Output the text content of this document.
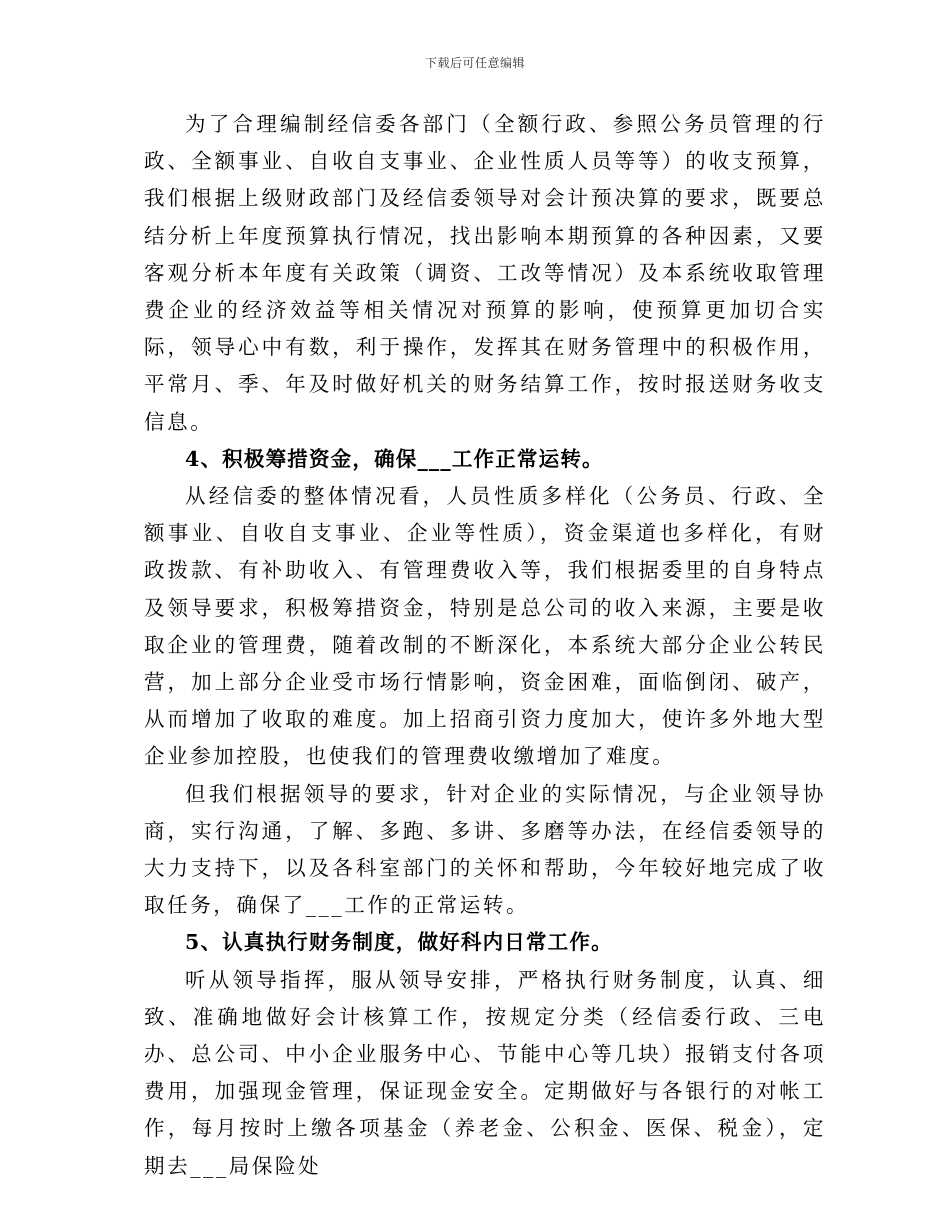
下载后可任意编辑

为了合理编制经信委各部门（全额行政、参照公务员管理的行政、全额事业、自收自支事业、企业性质人员等等）的收支预算，我们根据上级财政部门及经信委领导对会计预决算的要求，既要总结分析上年度预算执行情况，找出影响本期预算的各种因素，又要客观分析本年度有关政策（调资、工改等情况）及本系统收取管理费企业的经济效益等相关情况对预算的影响，使预算更加切合实际，领导心中有数，利于操作，发挥其在财务管理中的积极作用，平常月、季、年及时做好机关的财务结算工作，按时报送财务收支信息。

4、积极筹措资金，确保___工作正常运转。

从经信委的整体情况看，人员性质多样化（公务员、行政、全额事业、自收自支事业、企业等性质），资金渠道也多样化，有财政拨款、有补助收入、有管理费收入等，我们根据委里的自身特点及领导要求，积极筹措资金，特别是总公司的收入来源，主要是收取企业的管理费，随着改制的不断深化，本系统大部分企业公转民营，加上部分企业受市场行情影响，资金困难，面临倒闭、破产，从而增加了收取的难度。加上招商引资力度加大，使许多外地大型企业参加控股，也使我们的管理费收缴增加了难度。

但我们根据领导的要求，针对企业的实际情况，与企业领导协商，实行沟通，了解、多跑、多讲、多磨等办法，在经信委领导的大力支持下，以及各科室部门的关怀和帮助，今年较好地完成了收取任务，确保了___工作的正常运转。

5、认真执行财务制度，做好科内日常工作。

听从领导指挥，服从领导安排，严格执行财务制度，认真、细致、准确地做好会计核算工作，按规定分类（经信委行政、三电办、总公司、中小企业服务中心、节能中心等几块）报销支付各项费用，加强现金管理，保证现金安全。定期做好与各银行的对帐工作，每月按时上缴各项基金（养老金、公积金、医保、税金），定期去___局保险处
